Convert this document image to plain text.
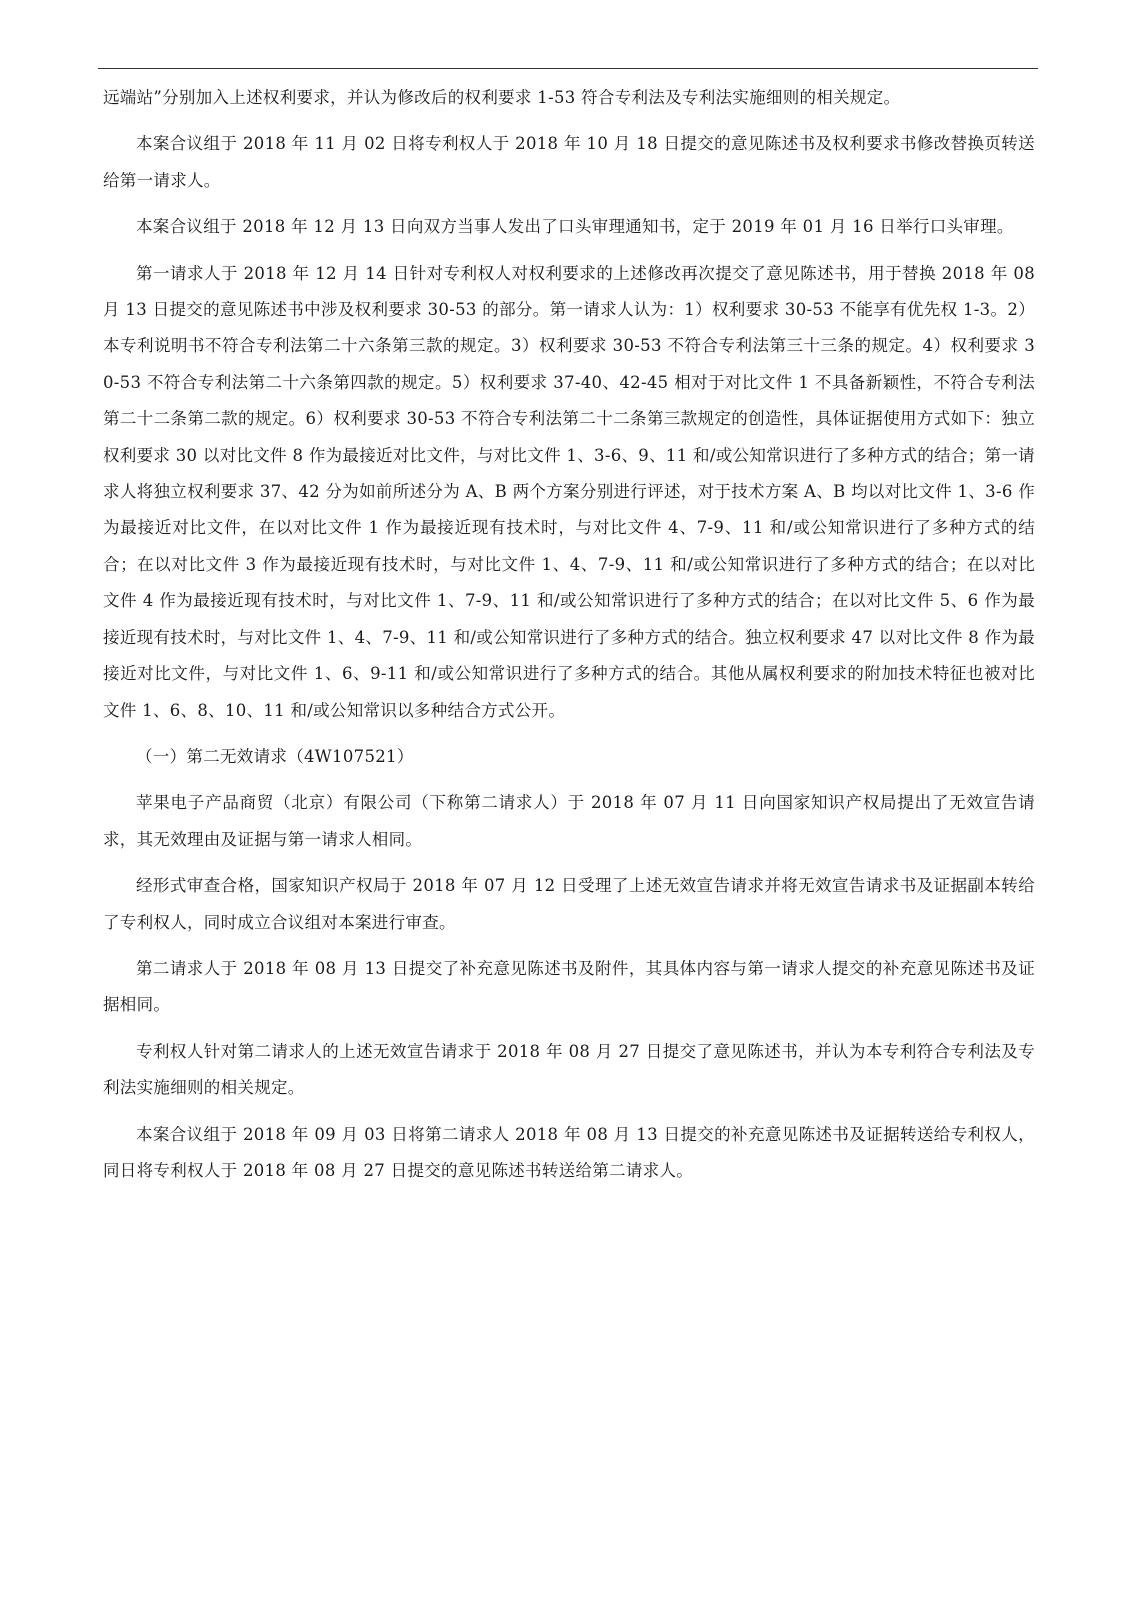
远端站”分别加入上述权利要求，并认为修改后的权利要求 1-53 符合专利法及专利法实施细则的相关规定。

本案合议组于 2018 年 11 月 02 日将专利权人于 2018 年 10 月 18 日提交的意见陈述书及权利要求书修改替换页转送给第一请求人。

本案合议组于 2018 年 12 月 13 日向双方当事人发出了口头审理通知书，定于 2019 年 01 月 16 日举行口头审理。

第一请求人于 2018 年 12 月 14 日针对专利权人对权利要求的上述修改再次提交了意见陈述书，用于替换 2018 年 08 月 13 日提交的意见陈述书中涉及权利要求 30-53 的部分。第一请求人认为：1）权利要求 30-53 不能享有优先权 1-3。2）本专利说明书不符合专利法第二十六条第三款的规定。3）权利要求 30-53 不符合专利法第三十三条的规定。4）权利要求 30-53 不符合专利法第二十六条第四款的规定。5）权利要求 37-40、42-45 相对于对比文件 1 不具备新颖性，不符合专利法第二十二条第二款的规定。6）权利要求 30-53 不符合专利法第二十二条第三款规定的创造性，具体证据使用方式如下：独立权利要求 30 以对比文件 8 作为最接近对比文件，与对比文件 1、3-6、9、11 和/或公知常识进行了多种方式的结合；第一请求人将独立权利要求 37、42 分为如前所述分为 A、B 两个方案分别进行评述，对于技术方案 A、B 均以对比文件 1、3-6 作为最接近对比文件，在以对比文件 1 作为最接近现有技术时，与对比文件 4、7-9、11 和/或公知常识进行了多种方式的结合；在以对比文件 3 作为最接近现有技术时，与对比文件 1、4、7-9、11 和/或公知常识进行了多种方式的结合；在以对比文件 4 作为最接近现有技术时，与对比文件 1、7-9、11 和/或公知常识进行了多种方式的结合；在以对比文件 5、6 作为最接近现有技术时，与对比文件 1、4、7-9、11 和/或公知常识进行了多种方式的结合。独立权利要求 47 以对比文件 8 作为最接近对比文件，与对比文件 1、6、9-11 和/或公知常识进行了多种方式的结合。其他从属权利要求的附加技术特征也被对比文件 1、6、8、10、11 和/或公知常识以多种结合方式公开。

（一）第二无效请求（4W107521）

苹果电子产品商贸（北京）有限公司（下称第二请求人）于 2018 年 07 月 11 日向国家知识产权局提出了无效宣告请求，其无效理由及证据与第一请求人相同。

经形式审查合格，国家知识产权局于 2018 年 07 月 12 日受理了上述无效宣告请求并将无效宣告请求书及证据副本转给了专利权人，同时成立合议组对本案进行审查。

第二请求人于 2018 年 08 月 13 日提交了补充意见陈述书及附件，其具体内容与第一请求人提交的补充意见陈述书及证据相同。

专利权人针对第二请求人的上述无效宣告请求于 2018 年 08 月 27 日提交了意见陈述书，并认为本专利符合专利法及专利法实施细则的相关规定。

本案合议组于 2018 年 09 月 03 日将第二请求人 2018 年 08 月 13 日提交的补充意见陈述书及证据转送给专利权人，同日将专利权人于 2018 年 08 月 27 日提交的意见陈述书转送给第二请求人。
